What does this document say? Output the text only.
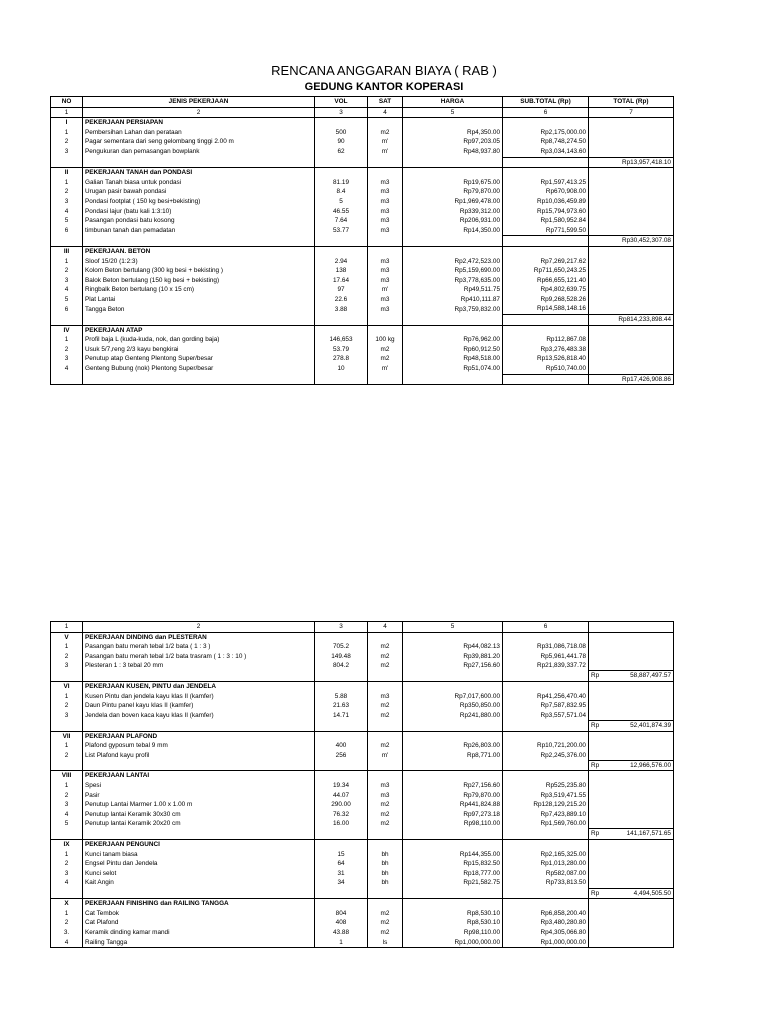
RENCANA ANGGARAN BIAYA ( RAB )
GEDUNG KANTOR KOPERASI
NO	JENIS PEKERJAAN	VOL	SAT	HARGA	SUB.TOTAL (Rp)	TOTAL (Rp)
1	2	3	4	5	6	7
I	PEKERJAAN PERSIAPAN					
1	Pembersihan Lahan dan perataan	500	m2	Rp4,350.00	Rp2,175,000.00	
2	Pagar sementara dari seng gelombang tinggi 2.00 m	90	m'	Rp97,203.05	Rp8,748,274.50	
3	Pengukuran dan pemasangan bowplank	62	m'	Rp48,937.80	Rp3,034,143.60	
						Rp13,957,418.10
II	PEKERJAAN TANAH dan PONDASI					
1	Galian Tanah biasa untuk pondasi	81.19	m3	Rp19,675.00	Rp1,597,413.25	
2	Urugan pasir bawah pondasi	8.4	m3	Rp79,870.00	Rp670,908.00	
3	Pondasi footplat ( 150 kg besi+bekisting)	5	m3	Rp1,969,478.00	Rp10,036,459.89	
4	Pondasi lajur (batu kali 1:3:10)	46.55	m3	Rp339,312.00	Rp15,794,973.60	
5	Pasangan pondasi batu kosong	7.64	m3	Rp206,931.00	Rp1,580,952.84	
6	timbunan tanah dan pemadatan	53.77	m3	Rp14,350.00	Rp771,599.50	

						Rp30,452,307.08
III	PEKERJAAN. BETON					
1	Sloof 15/20 (1:2:3)	2.94	m3	Rp2,472,523.00	Rp7,269,217.62	
2	Kolom Beton bertulang (300 kg besi + bekisting )	138	m3	Rp5,159,690.00	Rp711,650,243.25	
3	Balok Beton bertulang (150 kg besi + bekisting)	17.64	m3	Rp3,778,635.00	Rp66,655,121.40	
4	Ringbalk Beton bertulang (10 x 15 cm)	97	m'	Rp49,511.75	Rp4,802,639.75	
5	Plat Lantai	22.6	m3	Rp410,111.87	Rp9,268,528.26	
6	Tangga Beton	3.88	m3	Rp3,759,832.00	Rp14,588,148.16	
						Rp814,233,898.44
IV	PEKERJAAN ATAP					
1	Profil baja L (kuda-kuda, nok, dan gording baja)	146,653	100 kg	Rp76,962.00	Rp112,867.08	
2	Usuk 5/7,reng 2/3 kayu bengkirai	53.79	m2	Rp60,912.50	Rp3,276,483.38	
3	Penutup atap Genteng Plentong Super/besar	278.8	m2	Rp48,518.00	Rp13,526,818.40	
4	Genteng Bubung (nok) Plentong Super/besar	10	m'	Rp51,074.00	Rp510,740.00	
						Rp17,426,908.86
1	2	3	4	5	6	
V	PEKERJAAN DINDING dan PLESTERAN					
1	Pasangan batu merah tebal 1/2 bata ( 1 : 3 )	705.2	m2	Rp44,082.13	Rp31,086,718.08	
2	Pasangan batu merah tebal 1/2 bata trasram ( 1 : 3 : 10 )	149.48	m2	Rp39,881.20	Rp5,961,441.78	
3	Plesteran 1 : 3 tebal 20 mm	804.2	m2	Rp27,156.60	Rp21,839,337.72	

						Rp 58,887,497.57

VI	PEKERJAAN KUSEN, PINTU dan JENDELA					
1	Kusen Pintu dan jendela kayu klas II (kamfer)	5.88	m3	Rp7,017,600.00	Rp41,256,470.40	
2	Daun Pintu panel kayu klas II (kamfer)	21.63	m2	Rp350,850.00	Rp7,587,832.95	
3	Jendela dan boven kaca kayu klas II (kamfer)	14.71	m2	Rp241,880.00	Rp3,557,571.04	

						Rp 52,401,874.39

VII	PEKERJAAN PLAFOND					
1	Plafond gyposum tebal 9 mm	400	m2	Rp26,803.00	Rp10,721,200.00	
2	List Plafond kayu profil	256	m'	Rp8,771.00	Rp2,245,376.00	

						Rp 12,966,576.00

VIII	PEKERJAAN LANTAI					
1	Spesi	19.34	m3	Rp27,156.60	Rp525,235.80	
2	Pasir	44.07	m3	Rp79,870.00	Rp3,519,471.55	
3	Penutup Lantai Marmer 1.00 x 1.00 m	290.00	m2	Rp441,824.88	Rp128,129,215.20	
4	Penutup lantai Keramik 30x30 cm	76.32	m2	Rp97,273.18	Rp7,423,889.10	
5	Penutup lantai Keramik 20x20 cm	16.00	m2	Rp98,110.00	Rp1,569,760.00	

						Rp 141,167,571.65

IX	PEKERJAAN PENGUNCI					
1	Kunci tanam biasa	15	bh	Rp144,355.00	Rp2,165,325.00	
2	Engsel Pintu dan Jendela	64	bh	Rp15,832.50	Rp1,013,280.00	
3	Kunci selot	31	bh	Rp18,777.00	Rp582,087.00	
4	Kait Angin	34	bh	Rp21,582.75	Rp733,813.50	

						Rp 4,494,505.50

X	PEKERJAAN FINISHING dan RAILING TANGGA					
1	Cat Tembok	804	m2	Rp8,530.10	Rp6,858,200.40	
2	Cat Plafond	408	m2	Rp8,530.10	Rp3,480,280.80	
3.	Keramik dinding kamar mandi	43.88	m2	Rp98,110.00	Rp4,305,066.80	
4	Railing Tangga	1	ls	Rp1,000,000.00	Rp1,000,000.00	
